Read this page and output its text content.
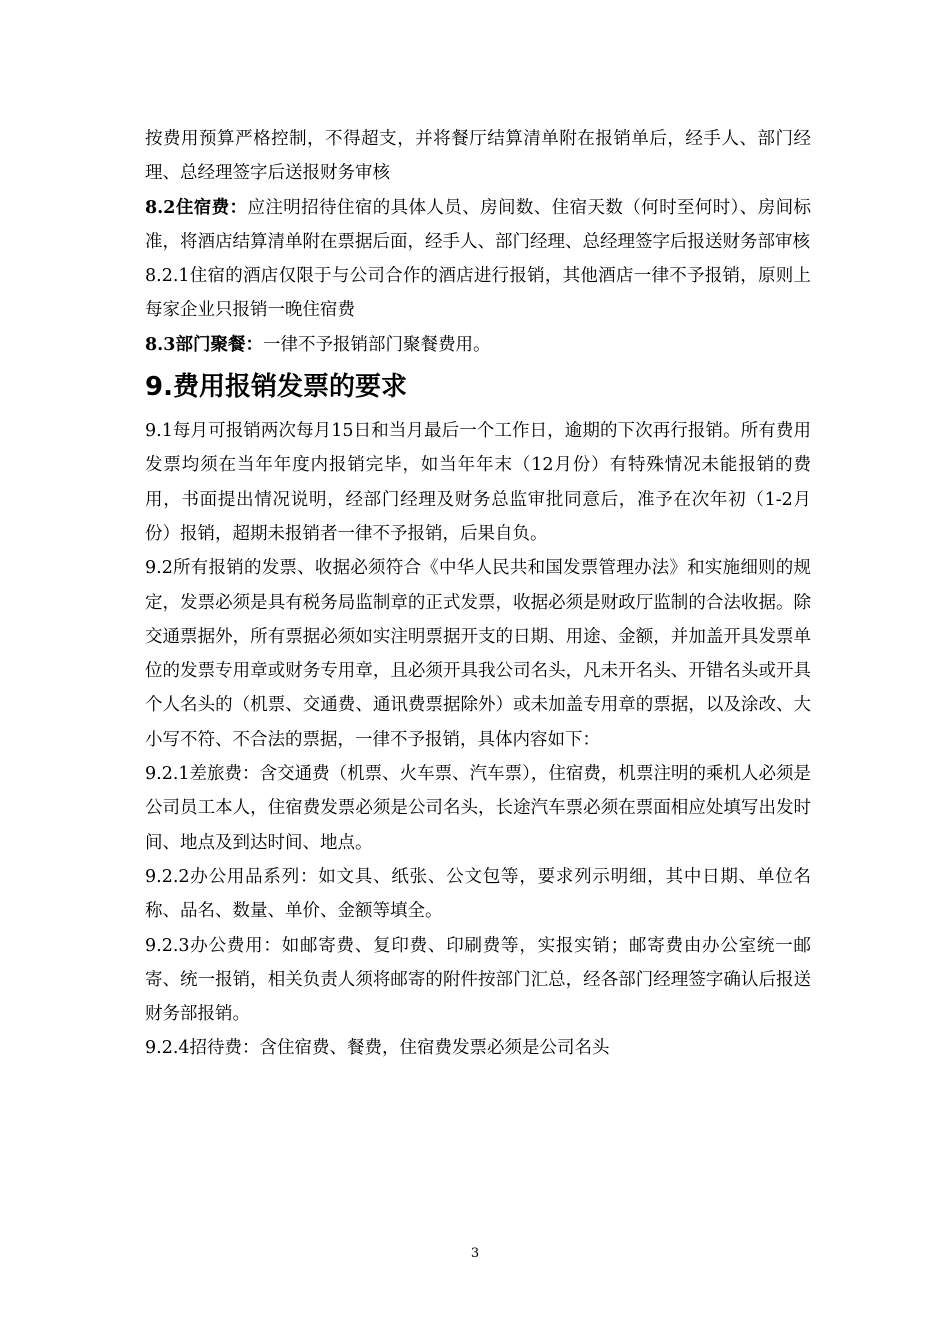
按费用预算严格控制，不得超支，并将餐厅结算清单附在报销单后，经手人、部门经理、总经理签字后送报财务审核

8.2住宿费：应注明招待住宿的具体人员、房间数、住宿天数（何时至何时）、房间标准，将酒店结算清单附在票据后面，经手人、部门经理、总经理签字后报送财务部审核

8.2.1住宿的酒店仅限于与公司合作的酒店进行报销，其他酒店一律不予报销，原则上每家企业只报销一晚住宿费

8.3部门聚餐：一律不予报销部门聚餐费用。

9.费用报销发票的要求

9.1每月可报销两次每月15日和当月最后一个工作日，逾期的下次再行报销。所有费用发票均须在当年年度内报销完毕，如当年年末（12月份）有特殊情况未能报销的费用，书面提出情况说明，经部门经理及财务总监审批同意后，准予在次年初（1-2月份）报销，超期未报销者一律不予报销，后果自负。

9.2所有报销的发票、收据必须符合《中华人民共和国发票管理办法》和实施细则的规定，发票必须是具有税务局监制章的正式发票，收据必须是财政厅监制的合法收据。除交通票据外，所有票据必须如实注明票据开支的日期、用途、金额，并加盖开具发票单位的发票专用章或财务专用章，且必须开具我公司名头，凡未开名头、开错名头或开具个人名头的（机票、交通费、通讯费票据除外）或未加盖专用章的票据，以及涂改、大小写不符、不合法的票据，一律不予报销，具体内容如下：

9.2.1差旅费：含交通费（机票、火车票、汽车票），住宿费，机票注明的乘机人必须是公司员工本人，住宿费发票必须是公司名头，长途汽车票必须在票面相应处填写出发时间、地点及到达时间、地点。

9.2.2办公用品系列：如文具、纸张、公文包等，要求列示明细，其中日期、单位名称、品名、数量、单价、金额等填全。

9.2.3办公费用：如邮寄费、复印费、印刷费等，实报实销；邮寄费由办公室统一邮寄、统一报销，相关负责人须将邮寄的附件按部门汇总，经各部门经理签字确认后报送财务部报销。

9.2.4招待费：含住宿费、餐费，住宿费发票必须是公司名头

3
